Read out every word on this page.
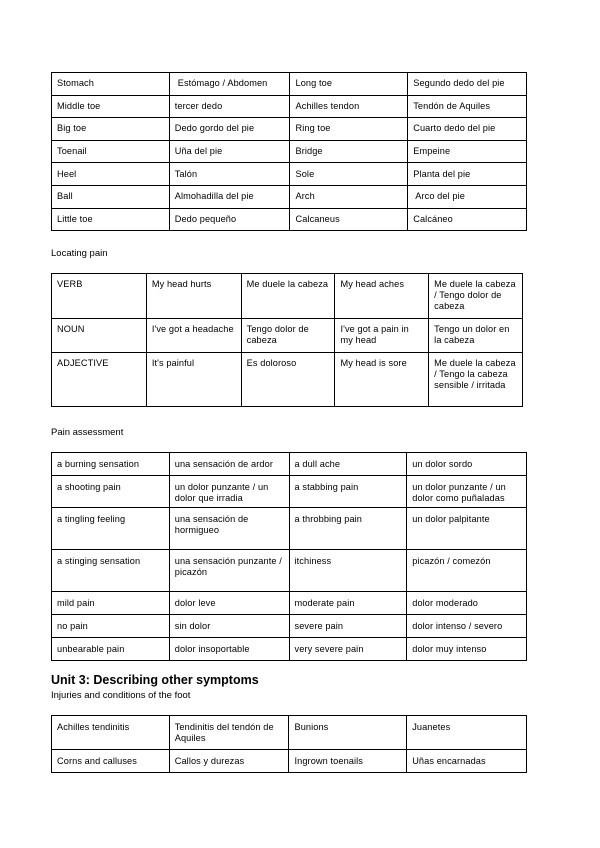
Stomach	Estómago / Abdomen	Long toe	Segundo dedo del pie
Middle toe	tercer dedo	Achilles tendon	Tendón de Aquiles
Big toe	Dedo gordo del pie	Ring toe	Cuarto dedo del pie
Toenail	Uña del pie	Bridge	Empeine
Heel	Talón	Sole	Planta del pie
Ball	Almohadilla del pie	Arch	Arco del pie
Little toe	Dedo pequeño	Calcaneus	Calcáneo
Locating pain
VERB	My head hurts	Me duele la cabeza	My head aches	Me duele la cabeza / Tengo dolor de cabeza
NOUN	I've got a headache	Tengo dolor de cabeza	I've got a pain in my head	Tengo un dolor en la cabeza
ADJECTIVE	It's painful	Es doloroso	My head is sore	Me duele la cabeza / Tengo la cabeza sensible / irritada
Pain assessment
a burning sensation	una sensación de ardor	a dull ache	un dolor sordo
a shooting pain	un dolor punzante / un dolor que irradia	a stabbing pain	un dolor punzante / un dolor como puñaladas
a tingling feeling	una sensación de hormigueo	a throbbing pain	un dolor palpitante
a stinging sensation	una sensación punzante / picazón	itchiness	picazón / comezón
mild pain	dolor leve	moderate pain	dolor moderado
no pain	sin dolor	severe pain	dolor intenso / severo
unbearable pain	dolor insoportable	very severe pain	dolor muy intenso
Unit 3: Describing other symptoms
Injuries and conditions of the foot
Achilles tendinitis	Tendinitis del tendón de Aquiles	Bunions	Juanetes
Corns and calluses	Callos y durezas	Ingrown toenails	Uñas encarnadas
